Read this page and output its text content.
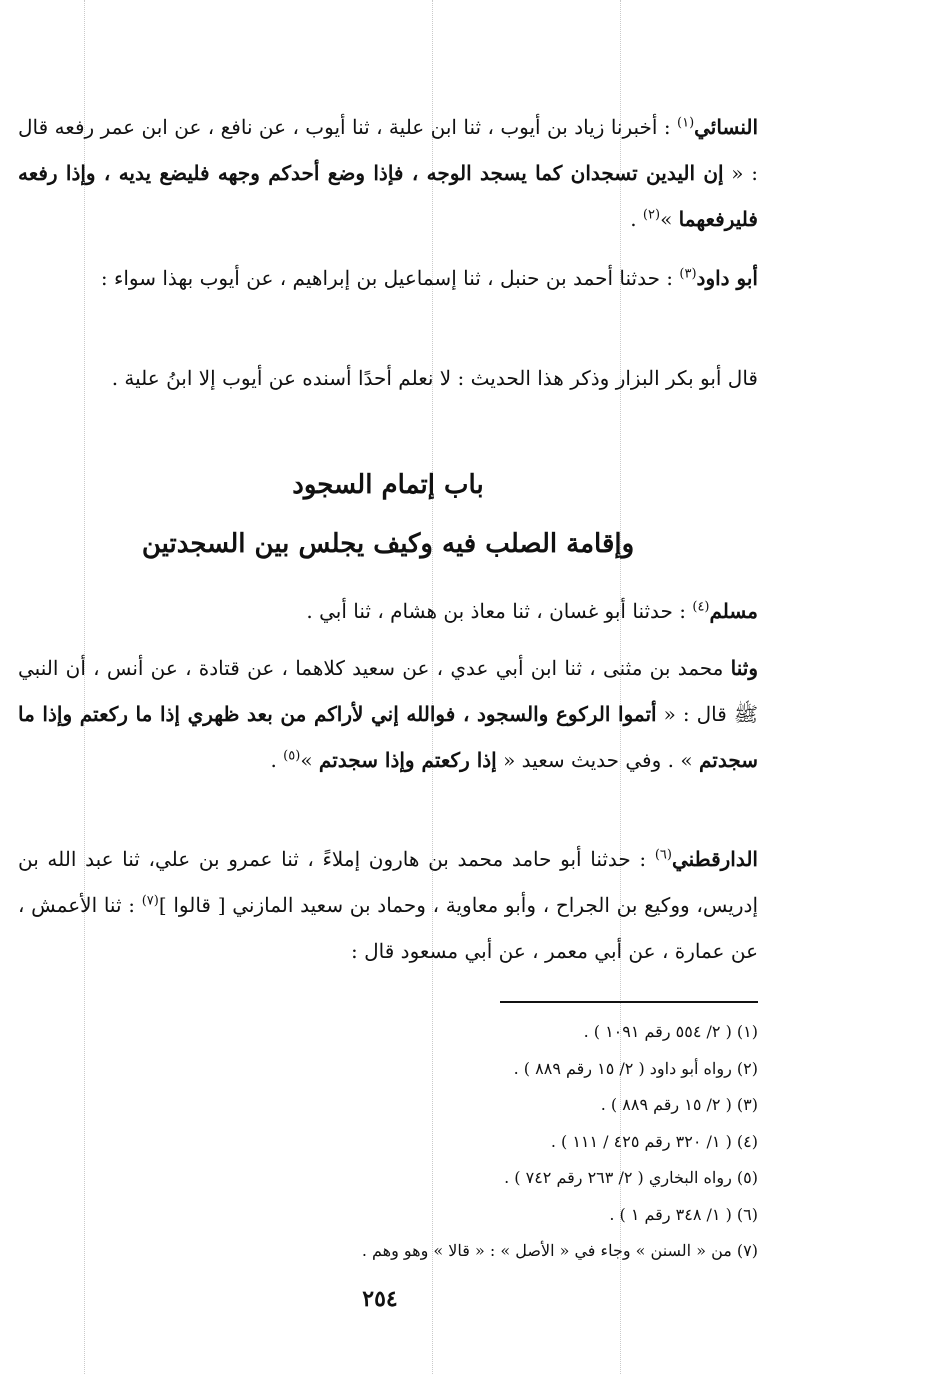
النسائي$^{(١)}$ : أخبرنا زياد بن أيوب ، ثنا ابن علية ، ثنا أيوب ، عن نافع ، عن ابن عمر رفعه قال : « إن اليدين تسجدان كما يسجد الوجه ، فإذا وضع أحدكم وجهه فليضع يديه ، وإذا رفعه فليرفعهما »$^{(٢)}$ .

أبو داود$^{(٣)}$ : حدثنا أحمد بن حنبل ، ثنا إسماعيل بن إبراهيم ، عن أيوب بهذا سواء :

قال أبو بكر البزار وذكر هذا الحديث : لا نعلم أحدًا أسنده عن أيوب إلا ابنُ علية .

باب إتمام السجود
وإقامة الصلب فيه وكيف يجلس بين السجدتين

مسلم$^{(٤)}$ : حدثنا أبو غسان ، ثنا معاذ بن هشام ، ثنا أبي .

وثنا محمد بن مثنى ، ثنا ابن أبي عدي ، عن سعيد كلاهما ، عن قتادة ، عن أنس ، أن النبي ﷺ قال : « أتموا الركوع والسجود ، فوالله إني لأراكم من بعد ظهري إذا ما ركعتم وإذا ما سجدتم » . وفي حديث سعيد « إذا ركعتم وإذا سجدتم »$^{(٥)}$ .

الدارقطني$^{(٦)}$ : حدثنا أبو حامد محمد بن هارون إملاءً ، ثنا عمرو بن علي، ثنا عبد الله بن إدريس، ووكيع بن الجراح ، وأبو معاوية ، وحماد بن سعيد المازني [ قالوا ]$^{(٧)}$ : ثنا الأعمش ، عن عمارة ، عن أبي معمر ، عن أبي مسعود قال :

(١) ( ٢/ ٥٥٤ رقم ١٠٩١ ) .

(٢) رواه أبو داود ( ٢/ ١٥ رقم ٨٨٩ ) .

(٣) ( ٢/ ١٥ رقم ٨٨٩ ) .

(٤) ( ١/ ٣٢٠ رقم ٤٢٥ / ١١١ ) .

(٥) رواه البخاري ( ٢/ ٢٦٣ رقم ٧٤٢ ) .

(٦) ( ١/ ٣٤٨ رقم ١ ) .

(٧) من « السنن » وجاء في « الأصل » : « قالا » وهو وهم .

٢٥٤
